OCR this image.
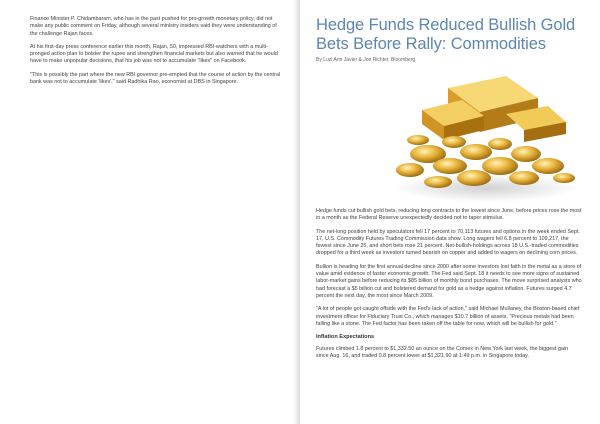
Finance Minister P. Chidambaram, who has in the past pushed for pro-growth monetary policy, did not make any public comment on Friday, although several ministry insiders said they were understanding of the challenge Rajan faces.

At his first-day press conference earlier this month, Rajan, 50, impressed RBI-watchers with a multi-pronged action plan to bolster the rupee and strengthen financial markets but also warned that he would have to make unpopular decisions, that his job was not to accumulate "likes" on Facebook.

"This is possibly the part where the new RBI governor pre-empted that the course of action by the central bank was not to accumulate 'likes'," said Radhika Rao, economist at DBS in Singapore.

Hedge Funds Reduced Bullish Gold Bets Before Rally: Commodities
By Luzi Ann Javier & Joe Richter, Bloomberg

Hedge funds cut bullish gold bets, reducing long contracts to the lowest since June, before prices rose the most in a month as the Federal Reserve unexpectedly decided not to taper stimulus.

The net-long position held by speculators fell 17 percent to 70,113 futures and options in the week ended Sept. 17, U.S. Commodity Futures Trading Commission data show. Long wagers fell 6.8 percent to 109,217, the fewest since June 25, and short bets rose 21 percent. Net-bullish-holdings across 18 U.S.-traded commodities dropped for a third week as investors turned bearish on copper and added to wagers on declining corn prices.

Bullion is heading for the first annual decline since 2000 after some investors lost faith in the metal as a store of value amid evidence of faster economic growth. The Fed said Sept. 18 it needs to see more signs of sustained labor-market gains before reducing its $85 billion of monthly bond purchases. The move surprised analysts who had forecast a $5 billion cut and bolstered demand for gold as a hedge against inflation. Futures surged 4.7 percent the next day, the most since March 2009.

"A lot of people got caught offside with the Fed's lack of action," said Michael Mullaney, the Boston-based chief investment officer for Fiduciary Trust Co., which manages $10.7 billion of assets. "Precious metals had been falling like a stone. The Fed factor has been taken off the table for now, which will be bullish for gold."

Inflation Expectations

Futures climbed 1.8 percent to $1,332.50 an ounce on the Comex in New York last week, the biggest gain since Aug. 16, and traded 0.8 percent lower at $1,321.90 at 1:49 p.m. in Singapore today.
